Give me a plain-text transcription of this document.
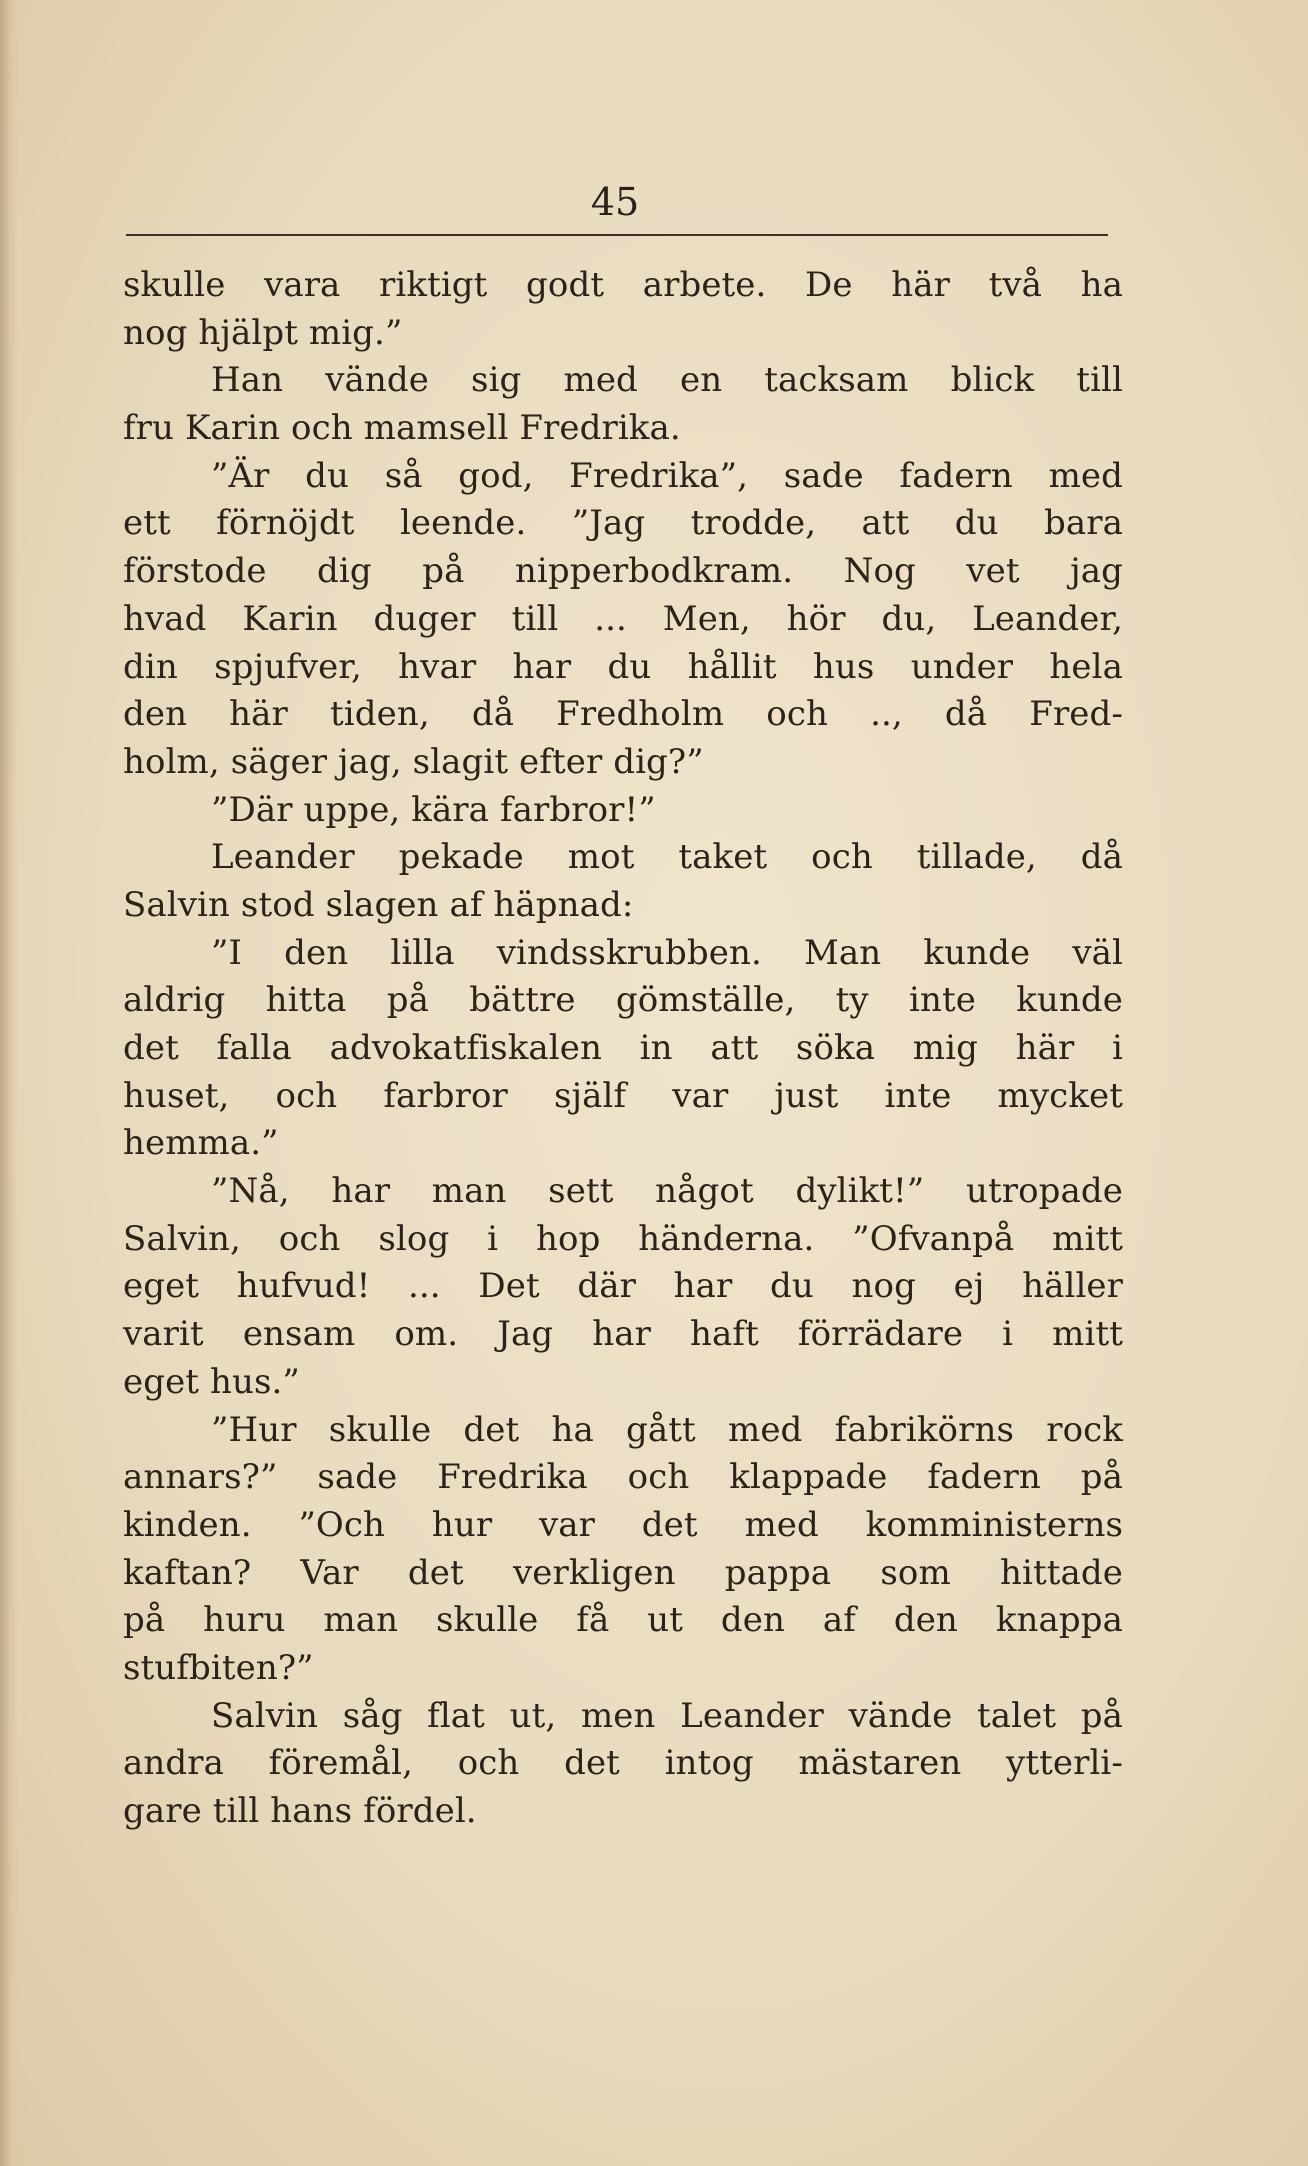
45
skulle vara riktigt godt arbete. De här två ha
nog hjälpt mig.”
Han vände sig med en tacksam blick till
fru Karin och mamsell Fredrika.
”Är du så god, Fredrika”, sade fadern med
ett förnöjdt leende. ”Jag trodde, att du bara
förstode dig på nipperbodkram. Nog vet jag
hvad Karin duger till ... Men, hör du, Leander,
din spjufver, hvar har du hållit hus under hela
den här tiden, då Fredholm och .., då Fred-
holm, säger jag, slagit efter dig?”
”Där uppe, kära farbror!”
Leander pekade mot taket och tillade, då
Salvin stod slagen af häpnad:
”I den lilla vindsskrubben. Man kunde väl
aldrig hitta på bättre gömställe, ty inte kunde
det falla advokatfiskalen in att söka mig här i
huset, och farbror själf var just inte mycket
hemma.”
”Nå, har man sett något dylikt!” utropade
Salvin, och slog i hop händerna. ”Ofvanpå mitt
eget hufvud! ... Det där har du nog ej häller
varit ensam om. Jag har haft förrädare i mitt
eget hus.”
”Hur skulle det ha gått med fabrikörns rock
annars?” sade Fredrika och klappade fadern på
kinden. ”Och hur var det med komministerns
kaftan? Var det verkligen pappa som hittade
på huru man skulle få ut den af den knappa
stufbiten?”
Salvin såg flat ut, men Leander vände talet på
andra föremål, och det intog mästaren ytterli-
gare till hans fördel.
